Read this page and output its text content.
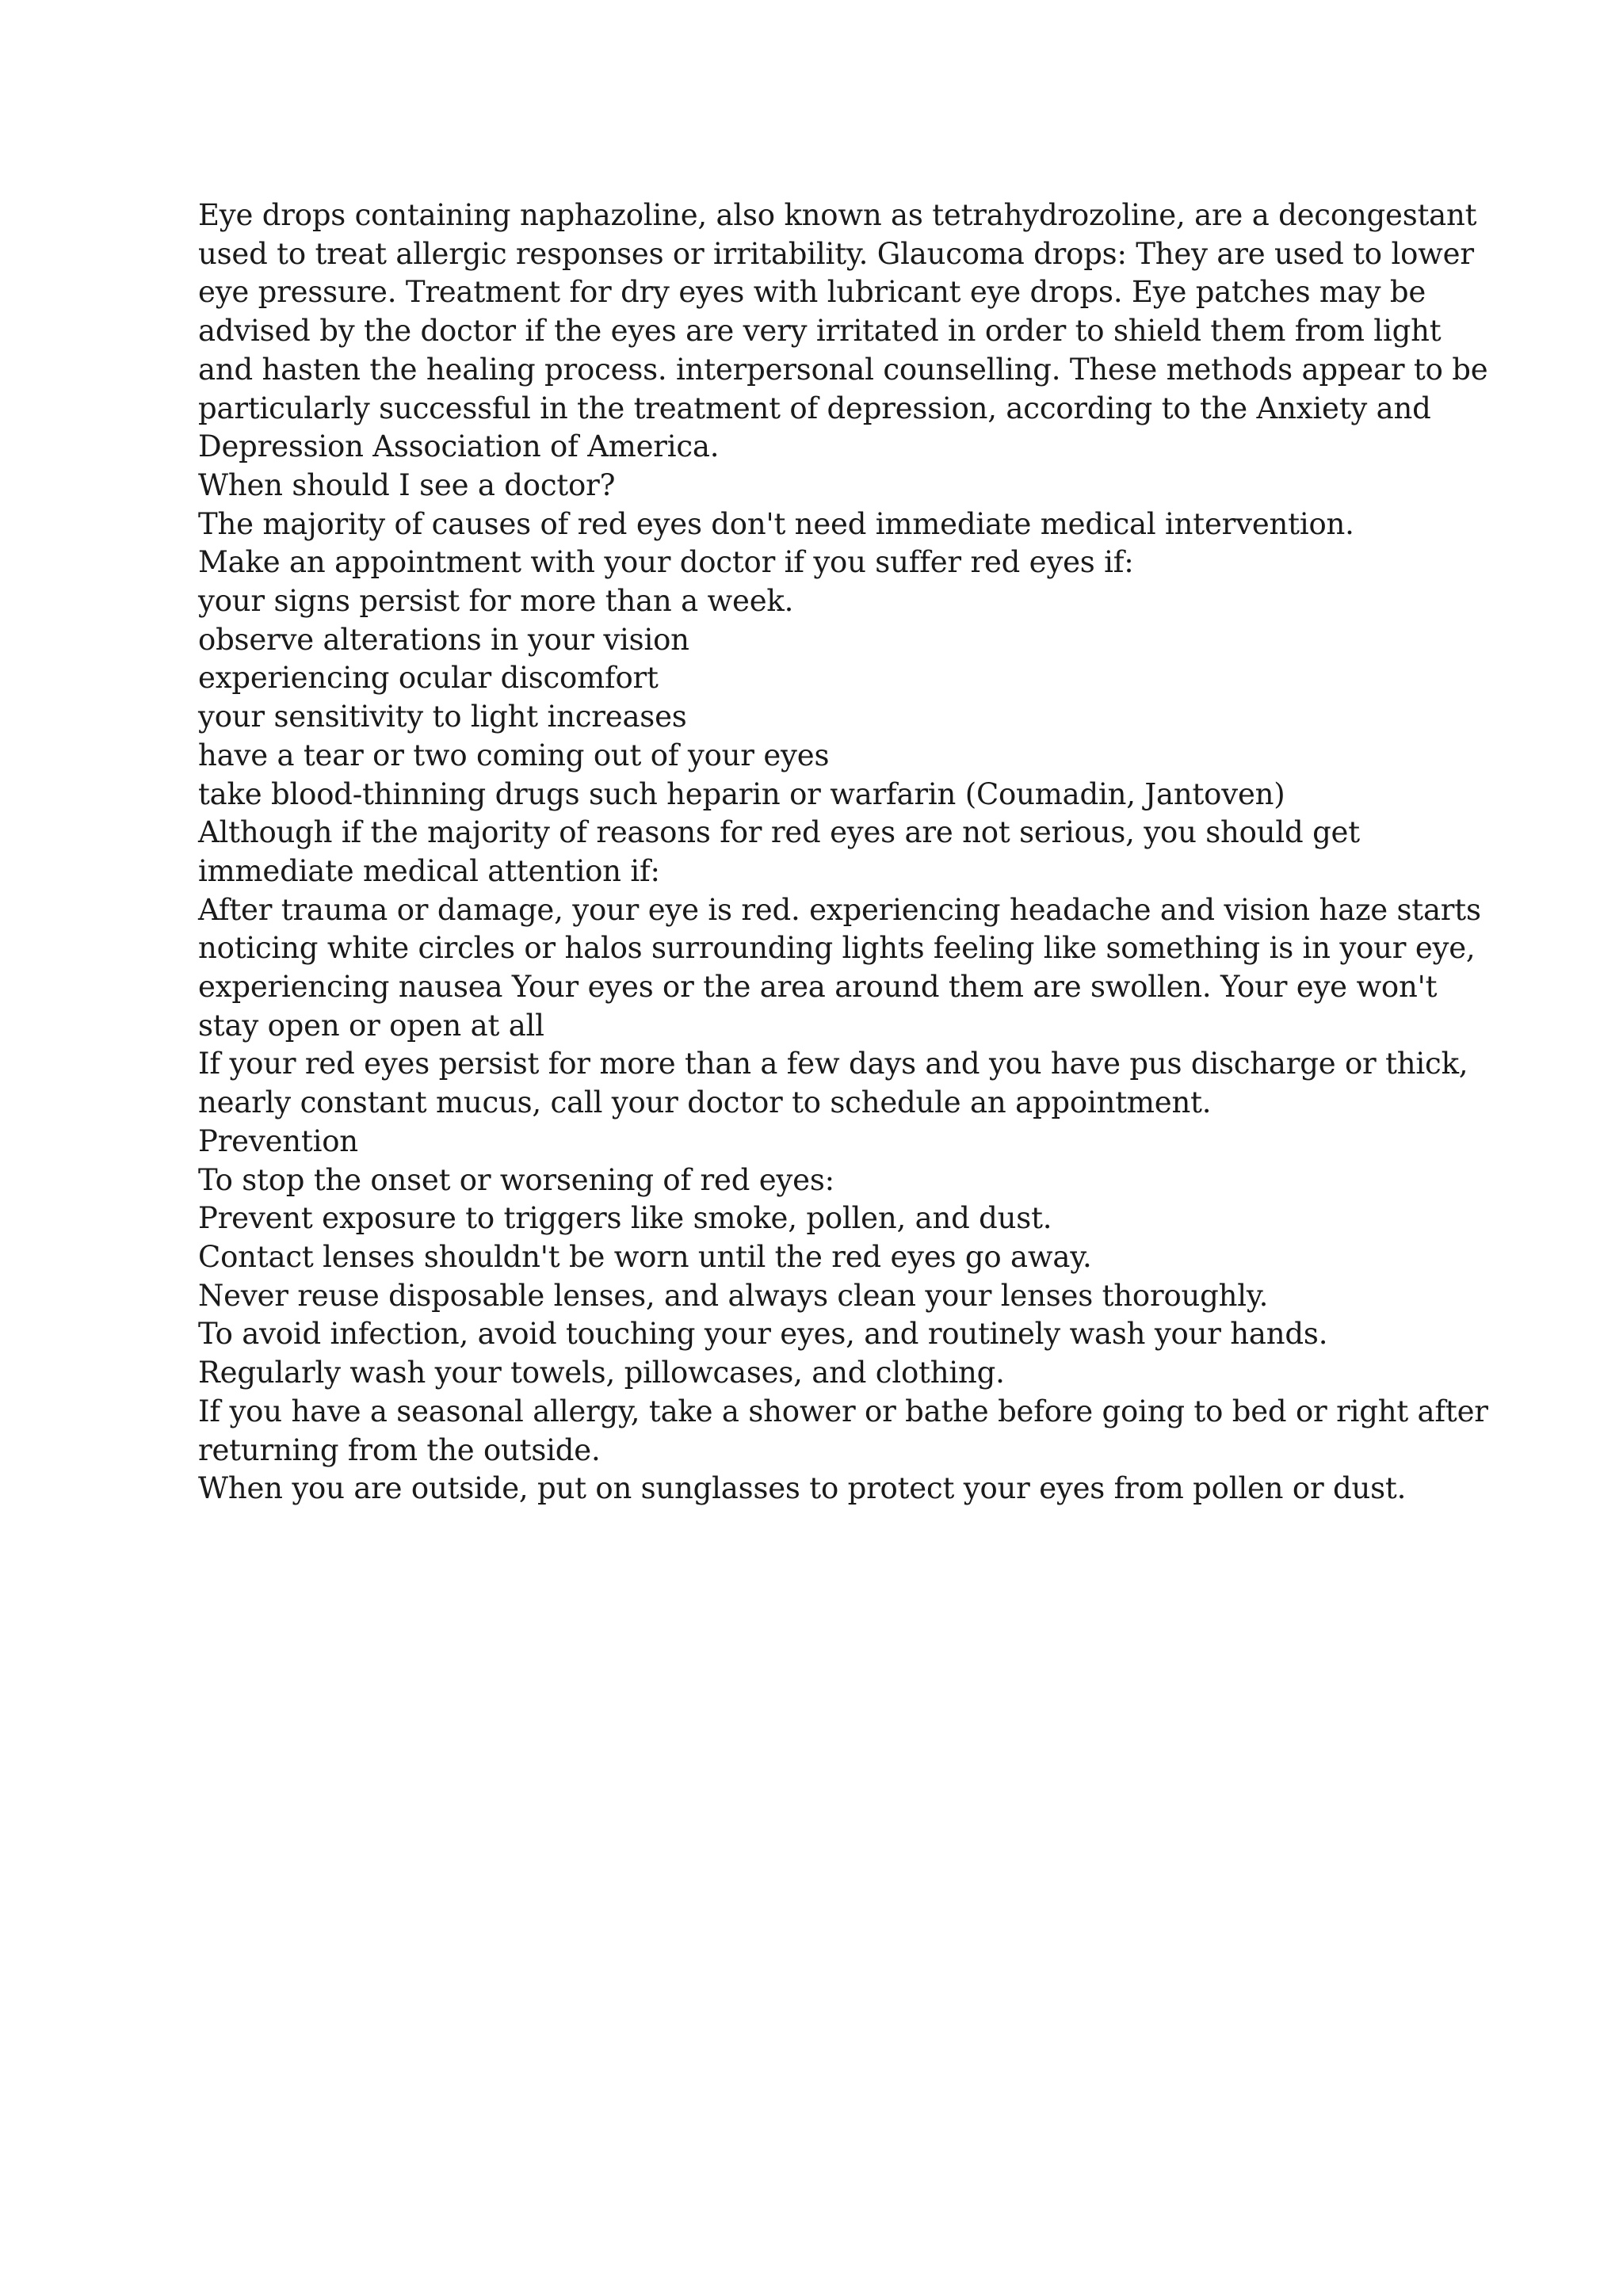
Eye drops containing naphazoline, also known as tetrahydrozoline, are a decongestant used to treat allergic responses or irritability. Glaucoma drops: They are used to lower eye pressure. Treatment for dry eyes with lubricant eye drops. Eye patches may be advised by the doctor if the eyes are very irritated in order to shield them from light and hasten the healing process. interpersonal counselling. These methods appear to be particularly successful in the treatment of depression, according to the Anxiety and Depression Association of America.

When should I see a doctor?

The majority of causes of red eyes don't need immediate medical intervention.

Make an appointment with your doctor if you suffer red eyes if:

your signs persist for more than a week.

observe alterations in your vision

experiencing ocular discomfort

your sensitivity to light increases

have a tear or two coming out of your eyes

take blood-thinning drugs such heparin or warfarin (Coumadin, Jantoven)

Although if the majority of reasons for red eyes are not serious, you should get immediate medical attention if:

After trauma or damage, your eye is red. experiencing headache and vision haze starts noticing white circles or halos surrounding lights feeling like something is in your eye, experiencing nausea Your eyes or the area around them are swollen. Your eye won't stay open or open at all

If your red eyes persist for more than a few days and you have pus discharge or thick, nearly constant mucus, call your doctor to schedule an appointment.

Prevention

To stop the onset or worsening of red eyes:

Prevent exposure to triggers like smoke, pollen, and dust.

Contact lenses shouldn't be worn until the red eyes go away.

Never reuse disposable lenses, and always clean your lenses thoroughly.

To avoid infection, avoid touching your eyes, and routinely wash your hands.

Regularly wash your towels, pillowcases, and clothing.

If you have a seasonal allergy, take a shower or bathe before going to bed or right after returning from the outside.

When you are outside, put on sunglasses to protect your eyes from pollen or dust.
